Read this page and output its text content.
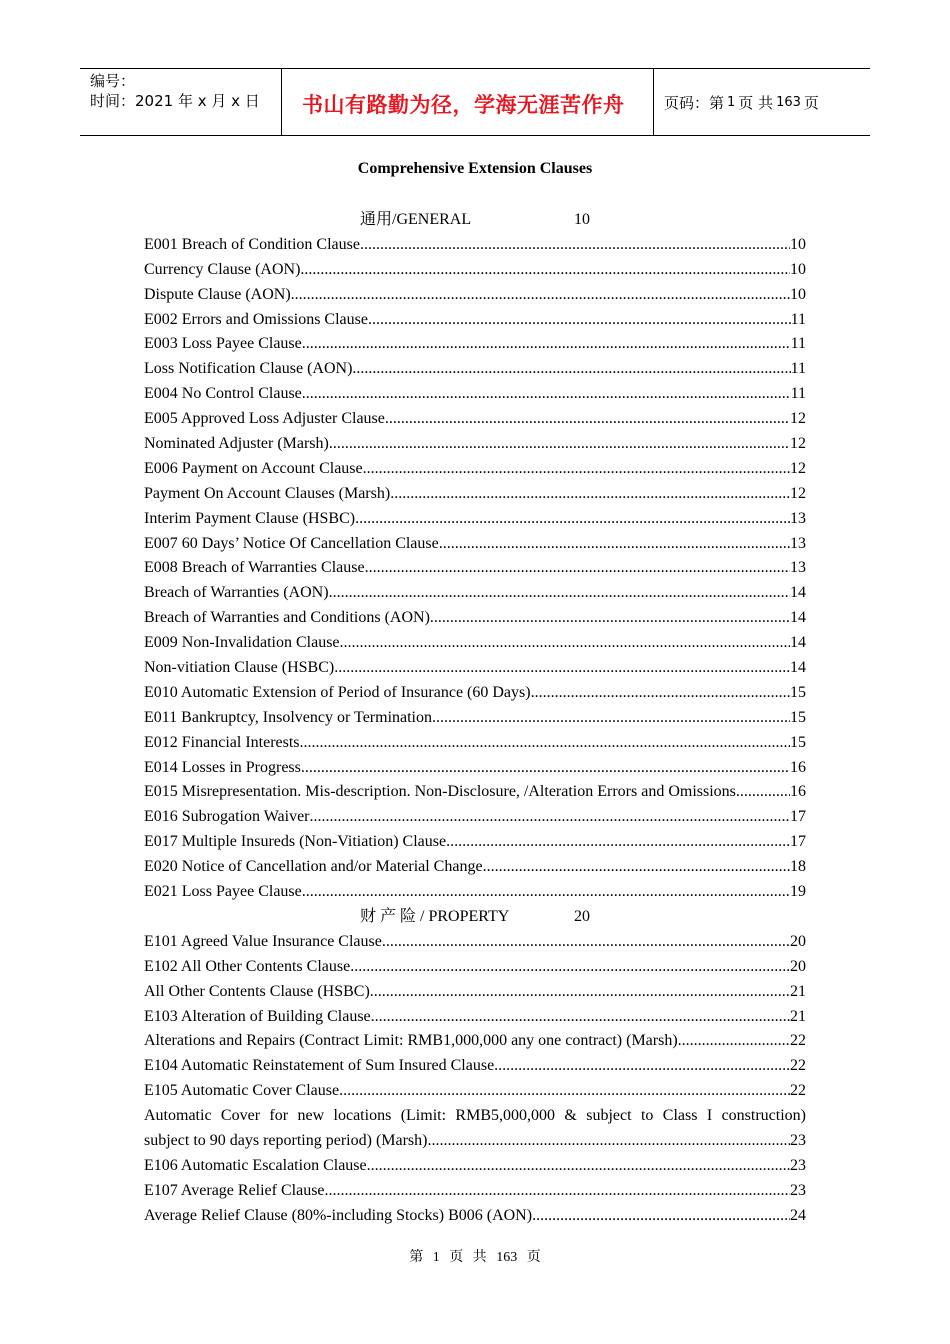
编号：
时间：2021 年 x 月 x 日	书山有路勤为径，学海无涯苦作舟	页码：第 1 页 共 163 页
Comprehensive Extension Clauses
通用/GENERAL	10
E001 Breach of Condition Clause .....	10
Currency Clause (AON) .....	10
Dispute Clause (AON) .....	10
E002 Errors and Omissions Clause .....	11
E003 Loss Payee Clause .....	11
Loss Notification Clause (AON) .....	11
E004 No Control Clause .....	11
E005 Approved Loss Adjuster Clause .....	12
Nominated Adjuster (Marsh) .....	12
E006 Payment on Account Clause .....	12
Payment On Account Clauses (Marsh) .....	12
Interim Payment Clause (HSBC) .....	13
E007 60 Days’ Notice Of Cancellation Clause .....	13
E008 Breach of Warranties Clause .....	13
Breach of Warranties (AON) .....	14
Breach of Warranties and Conditions (AON) .....	14
E009 Non-Invalidation Clause .....	14
Non-vitiation Clause (HSBC) .....	14
E010 Automatic Extension of Period of Insurance (60 Days) .....	15
E011 Bankruptcy, Insolvency or Termination .....	15
E012 Financial Interests .....	15
E014 Losses in Progress .....	16
E015 Misrepresentation. Mis-description. Non-Disclosure, /Alteration Errors and Omissions .....	16
E016 Subrogation Waiver .....	17
E017 Multiple Insureds (Non-Vitiation) Clause .....	17
E020 Notice of Cancellation and/or Material Change .....	18
E021 Loss Payee Clause .....	19
财 产 险 / PROPERTY	20
E101 Agreed Value Insurance Clause .....	20
E102 All Other Contents Clause .....	20
All Other Contents Clause (HSBC) .....	21
E103 Alteration of Building Clause .....	21
Alterations and Repairs (Contract Limit: RMB1,000,000 any one contract) (Marsh) .....	22
E104 Automatic Reinstatement of Sum Insured Clause .....	22
E105 Automatic Cover Clause .....	22
Automatic Cover for new locations (Limit: RMB5,000,000 & subject to Class I construction)
subject to 90 days reporting period) (Marsh) .....	23
E106 Automatic Escalation Clause .....	23
E107 Average Relief Clause .....	23
Average Relief Clause (80%-including Stocks) B006 (AON) .....	24
第 1 页 共 163 页
